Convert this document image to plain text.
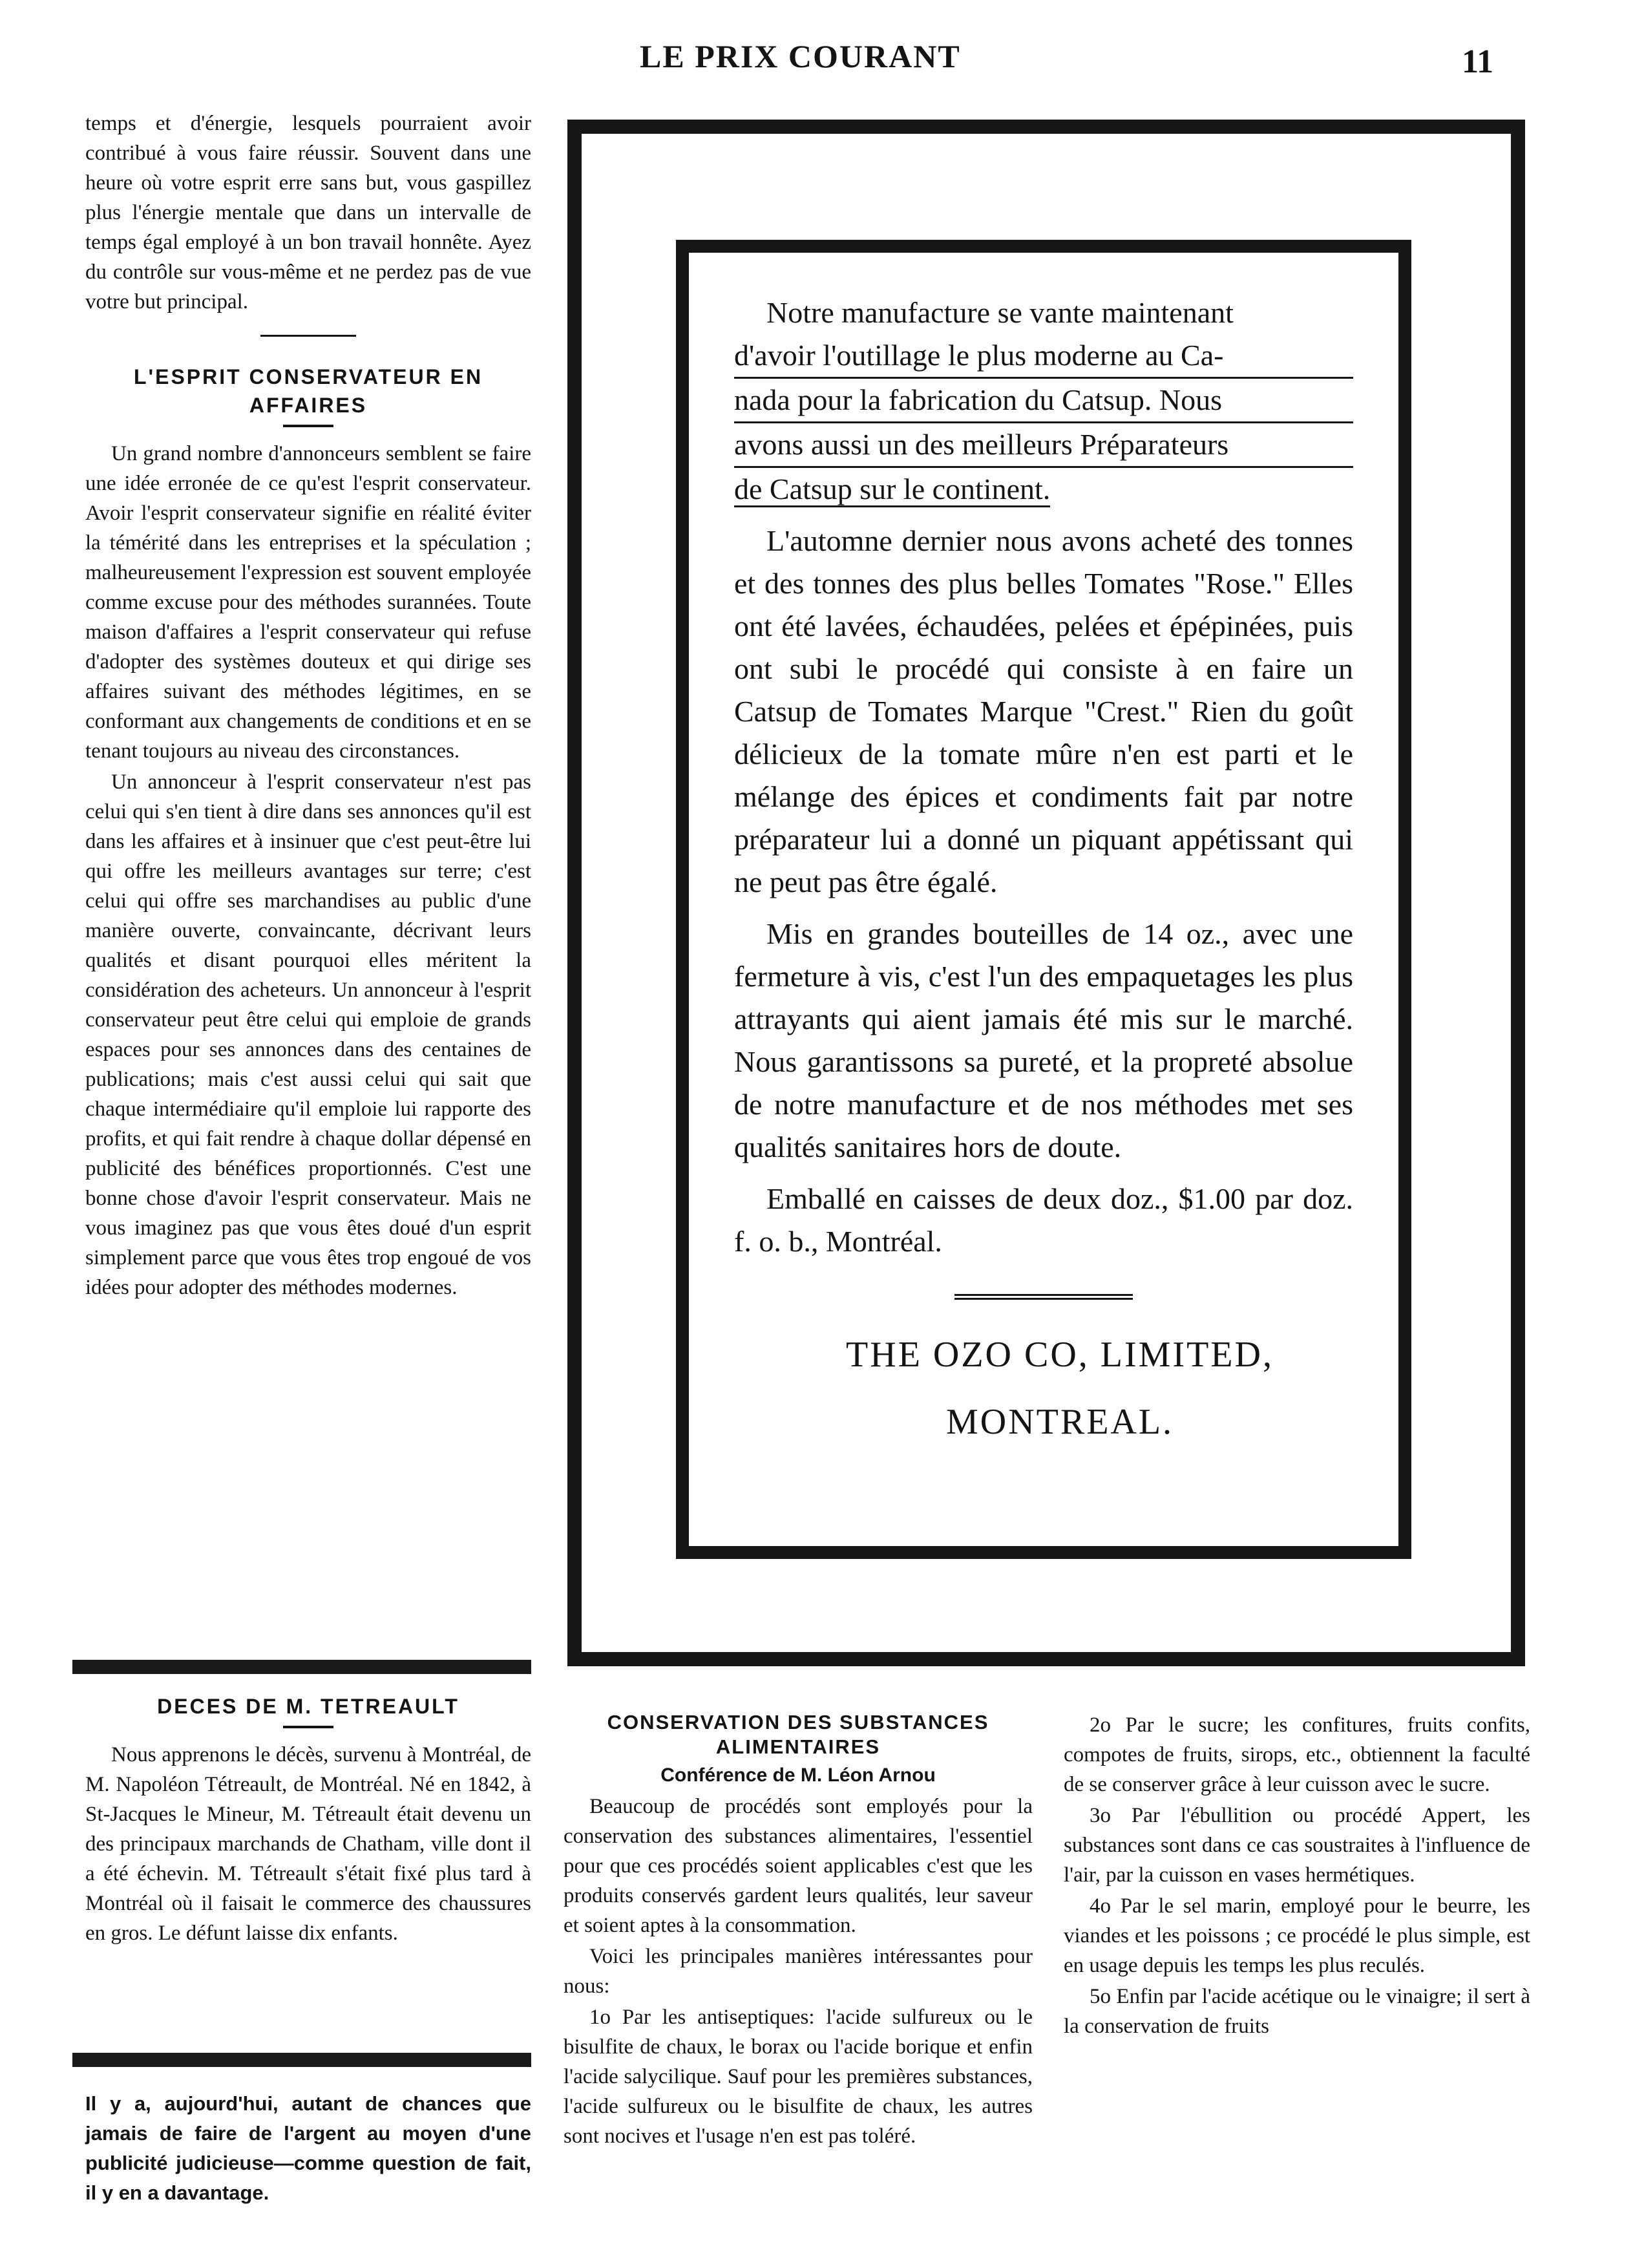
LE PRIX COURANT	11

temps et d'énergie, lesquels pourraient avoir contribué à vous faire réussir. Souvent dans une heure où votre esprit erre sans but, vous gaspillez plus l'énergie mentale que dans un intervalle de temps égal employé à un bon travail honnête. Ayez du contrôle sur vous-même et ne perdez pas de vue votre but principal.

L'ESPRIT CONSERVATEUR EN AFFAIRES

Un grand nombre d'annonceurs semblent se faire une idée erronée de ce qu'est l'esprit conservateur. Avoir l'esprit conservateur signifie en réalité éviter la témérité dans les entreprises et la spéculation ; malheureusement l'expression est souvent employée comme excuse pour des méthodes surannées. Toute maison d'affaires a l'esprit conservateur qui refuse d'adopter des systèmes douteux et qui dirige ses affaires suivant des méthodes légitimes, en se conformant aux changements de conditions et en se tenant toujours au niveau des circonstances.

Un annonceur à l'esprit conservateur n'est pas celui qui s'en tient à dire dans ses annonces qu'il est dans les affaires et à insinuer que c'est peut-être lui qui offre les meilleurs avantages sur terre; c'est celui qui offre ses marchandises au public d'une manière ouverte, convaincante, décrivant leurs qualités et disant pourquoi elles méritent la considération des acheteurs. Un annonceur à l'esprit conservateur peut être celui qui emploie de grands espaces pour ses annonces dans des centaines de publications; mais c'est aussi celui qui sait que chaque intermédiaire qu'il emploie lui rapporte des profits, et qui fait rendre à chaque dollar dépensé en publicité des bénéfices proportionnés. C'est une bonne chose d'avoir l'esprit conservateur. Mais ne vous imaginez pas que vous êtes doué d'un esprit simplement parce que vous êtes trop engoué de vos idées pour adopter des méthodes modernes.

DECES DE M. TETREAULT

Nous apprenons le décès, survenu à Montréal, de M. Napoléon Tétreault, de Montréal. Né en 1842, à St-Jacques le Mineur, M. Tétreault était devenu un des principaux marchands de Chatham, ville dont il a été échevin. M. Tétreault s'était fixé plus tard à Montréal où il faisait le commerce des chaussures en gros. Le défunt laisse dix enfants.

Il y a, aujourd'hui, autant de chances que jamais de faire de l'argent au moyen d'une publicité judicieuse—comme question de fait, il y en a davantage.

Notre manufacture se vante maintenant
d'avoir l'outillage le plus moderne au Ca-
nada pour la fabrication du Catsup. Nous
avons aussi un des meilleurs Préparateurs
de Catsup sur le continent.

L'automne dernier nous avons acheté des tonnes et des tonnes des plus belles Tomates "Rose." Elles ont été lavées, échaudées, pelées et épépinées, puis ont subi le procédé qui consiste à en faire un Catsup de Tomates Marque "Crest." Rien du goût délicieux de la tomate mûre n'en est parti et le mélange des épices et condiments fait par notre préparateur lui a donné un piquant appétissant qui ne peut pas être égalé.

Mis en grandes bouteilles de 14 oz., avec une fermeture à vis, c'est l'un des empaquetages les plus attrayants qui aient jamais été mis sur le marché. Nous garantissons sa pureté, et la propreté absolue de notre manufacture et de nos méthodes met ses qualités sanitaires hors de doute.

Emballé en caisses de deux doz., $1.00 par doz. f. o. b., Montréal.

THE OZO CO, LIMITED,

MONTREAL.

CONSERVATION DES SUBSTANCES ALIMENTAIRES

Conférence de M. Léon Arnou

Beaucoup de procédés sont employés pour la conservation des substances alimentaires, l'essentiel pour que ces procédés soient applicables c'est que les produits conservés gardent leurs qualités, leur saveur et soient aptes à la consommation.

Voici les principales manières intéressantes pour nous:

1o Par les antiseptiques: l'acide sulfureux ou le bisulfite de chaux, le borax ou l'acide borique et enfin l'acide salycilique. Sauf pour les premières substances, l'acide sulfureux ou le bisulfite de chaux, les autres sont nocives et l'usage n'en est pas toléré.

2o Par le sucre; les confitures, fruits confits, compotes de fruits, sirops, etc., obtiennent la faculté de se conserver grâce à leur cuisson avec le sucre.

3o Par l'ébullition ou procédé Appert, les substances sont dans ce cas soustraites à l'influence de l'air, par la cuisson en vases hermétiques.

4o Par le sel marin, employé pour le beurre, les viandes et les poissons ; ce procédé le plus simple, est en usage depuis les temps les plus reculés.

5o Enfin par l'acide acétique ou le vinaigre; il sert à la conservation de fruits
